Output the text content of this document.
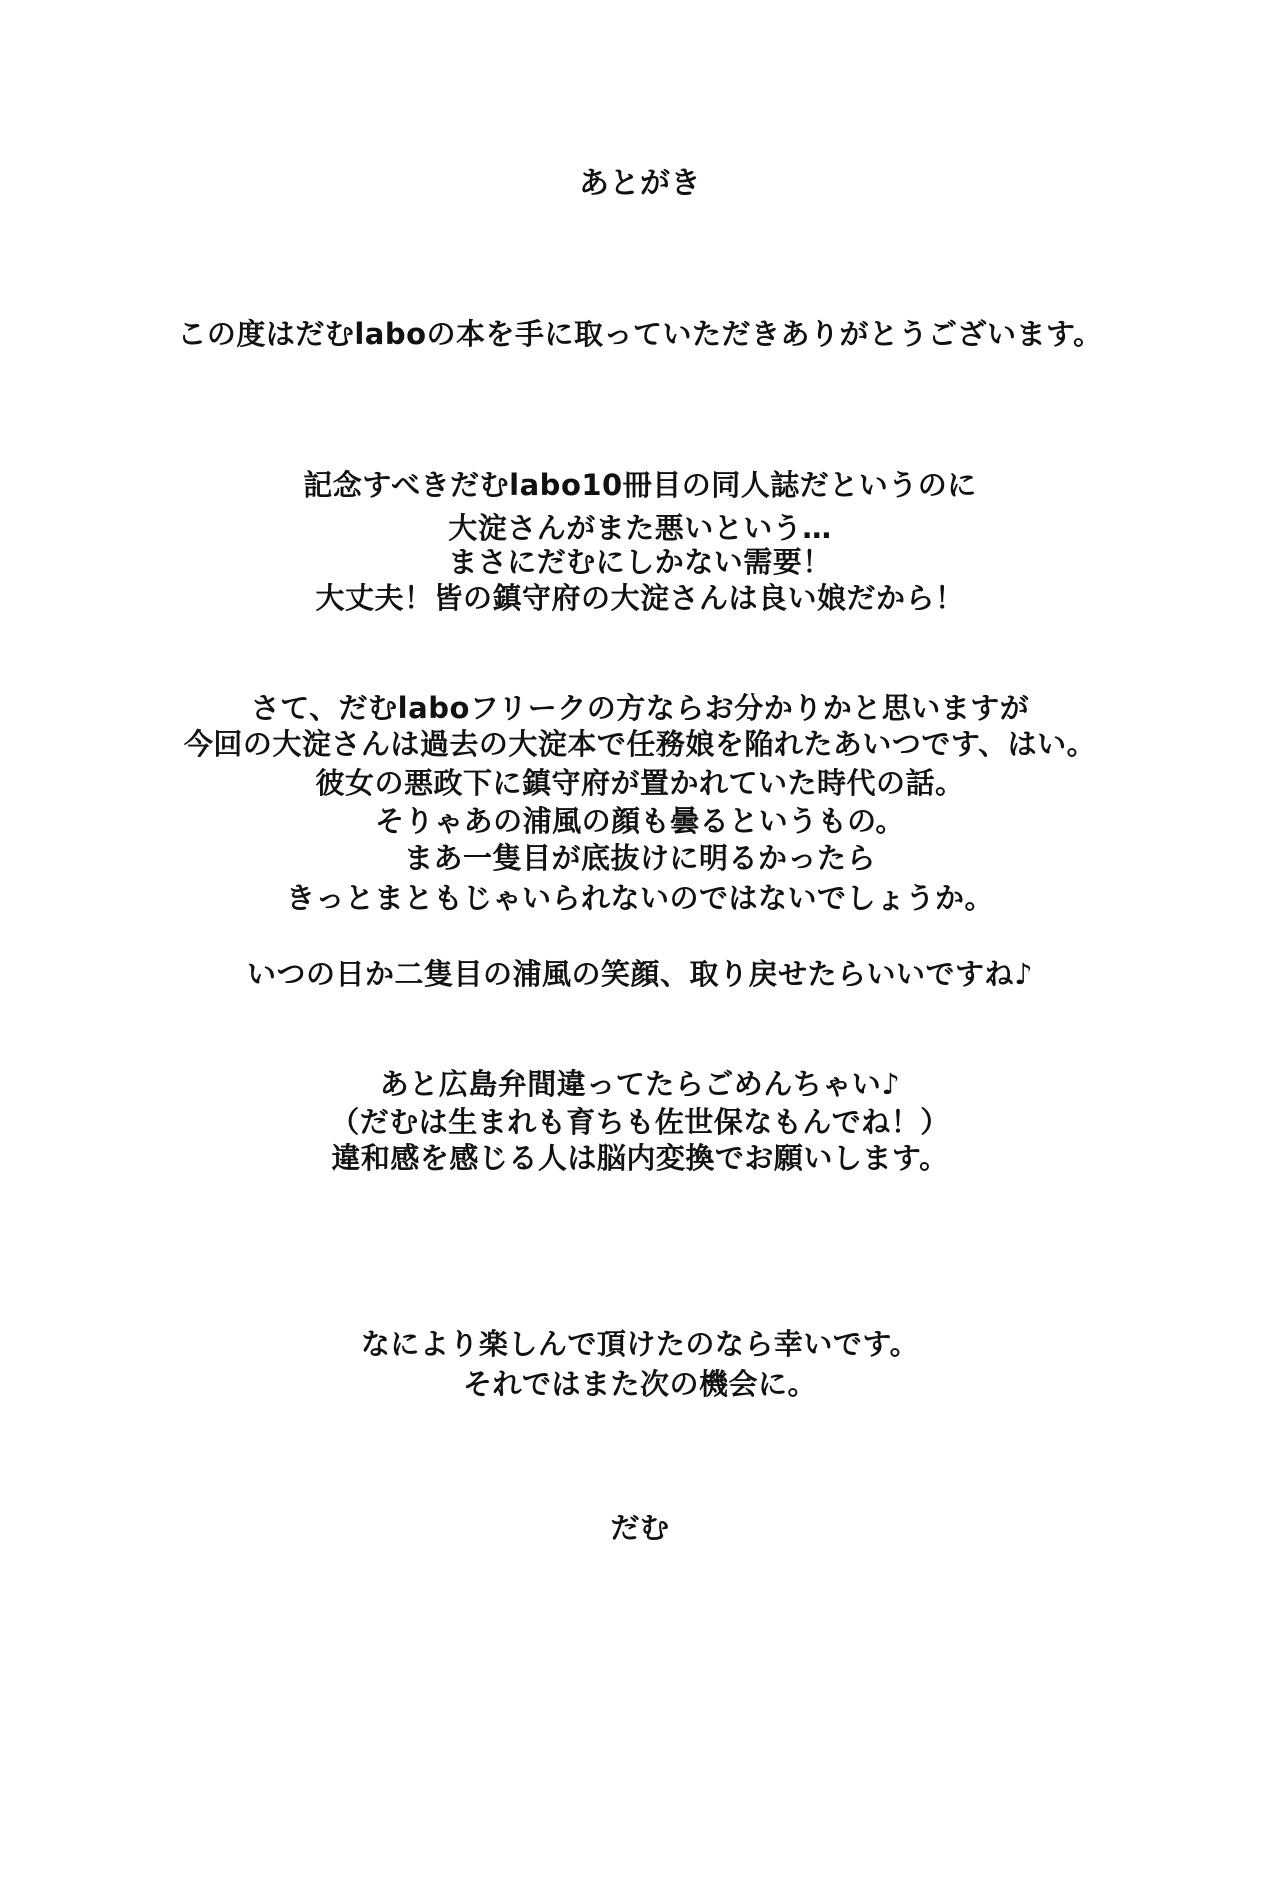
あとがき
この度はだむlaboの本を手に取っていただきありがとうございます。
記念すべきだむlabo10冊目の同人誌だというのに
大淀さんがまた悪いという…
まさにだむにしかない需要！
大丈夫！皆の鎮守府の大淀さんは良い娘だから！
さて、だむlaboフリークの方ならお分かりかと思いますが
今回の大淀さんは過去の大淀本で任務娘を陥れたあいつです、はい。
彼女の悪政下に鎮守府が置かれていた時代の話。
そりゃあの浦風の顔も曇るというもの。
まあ一隻目が底抜けに明るかったら
きっとまともじゃいられないのではないでしょうか。
いつの日か二隻目の浦風の笑顔、取り戻せたらいいですね♪
あと広島弁間違ってたらごめんちゃい♪
（だむは生まれも育ちも佐世保なもんでね！）
違和感を感じる人は脳内変換でお願いします。
なにより楽しんで頂けたのなら幸いです。
それではまた次の機会に。
だむ
